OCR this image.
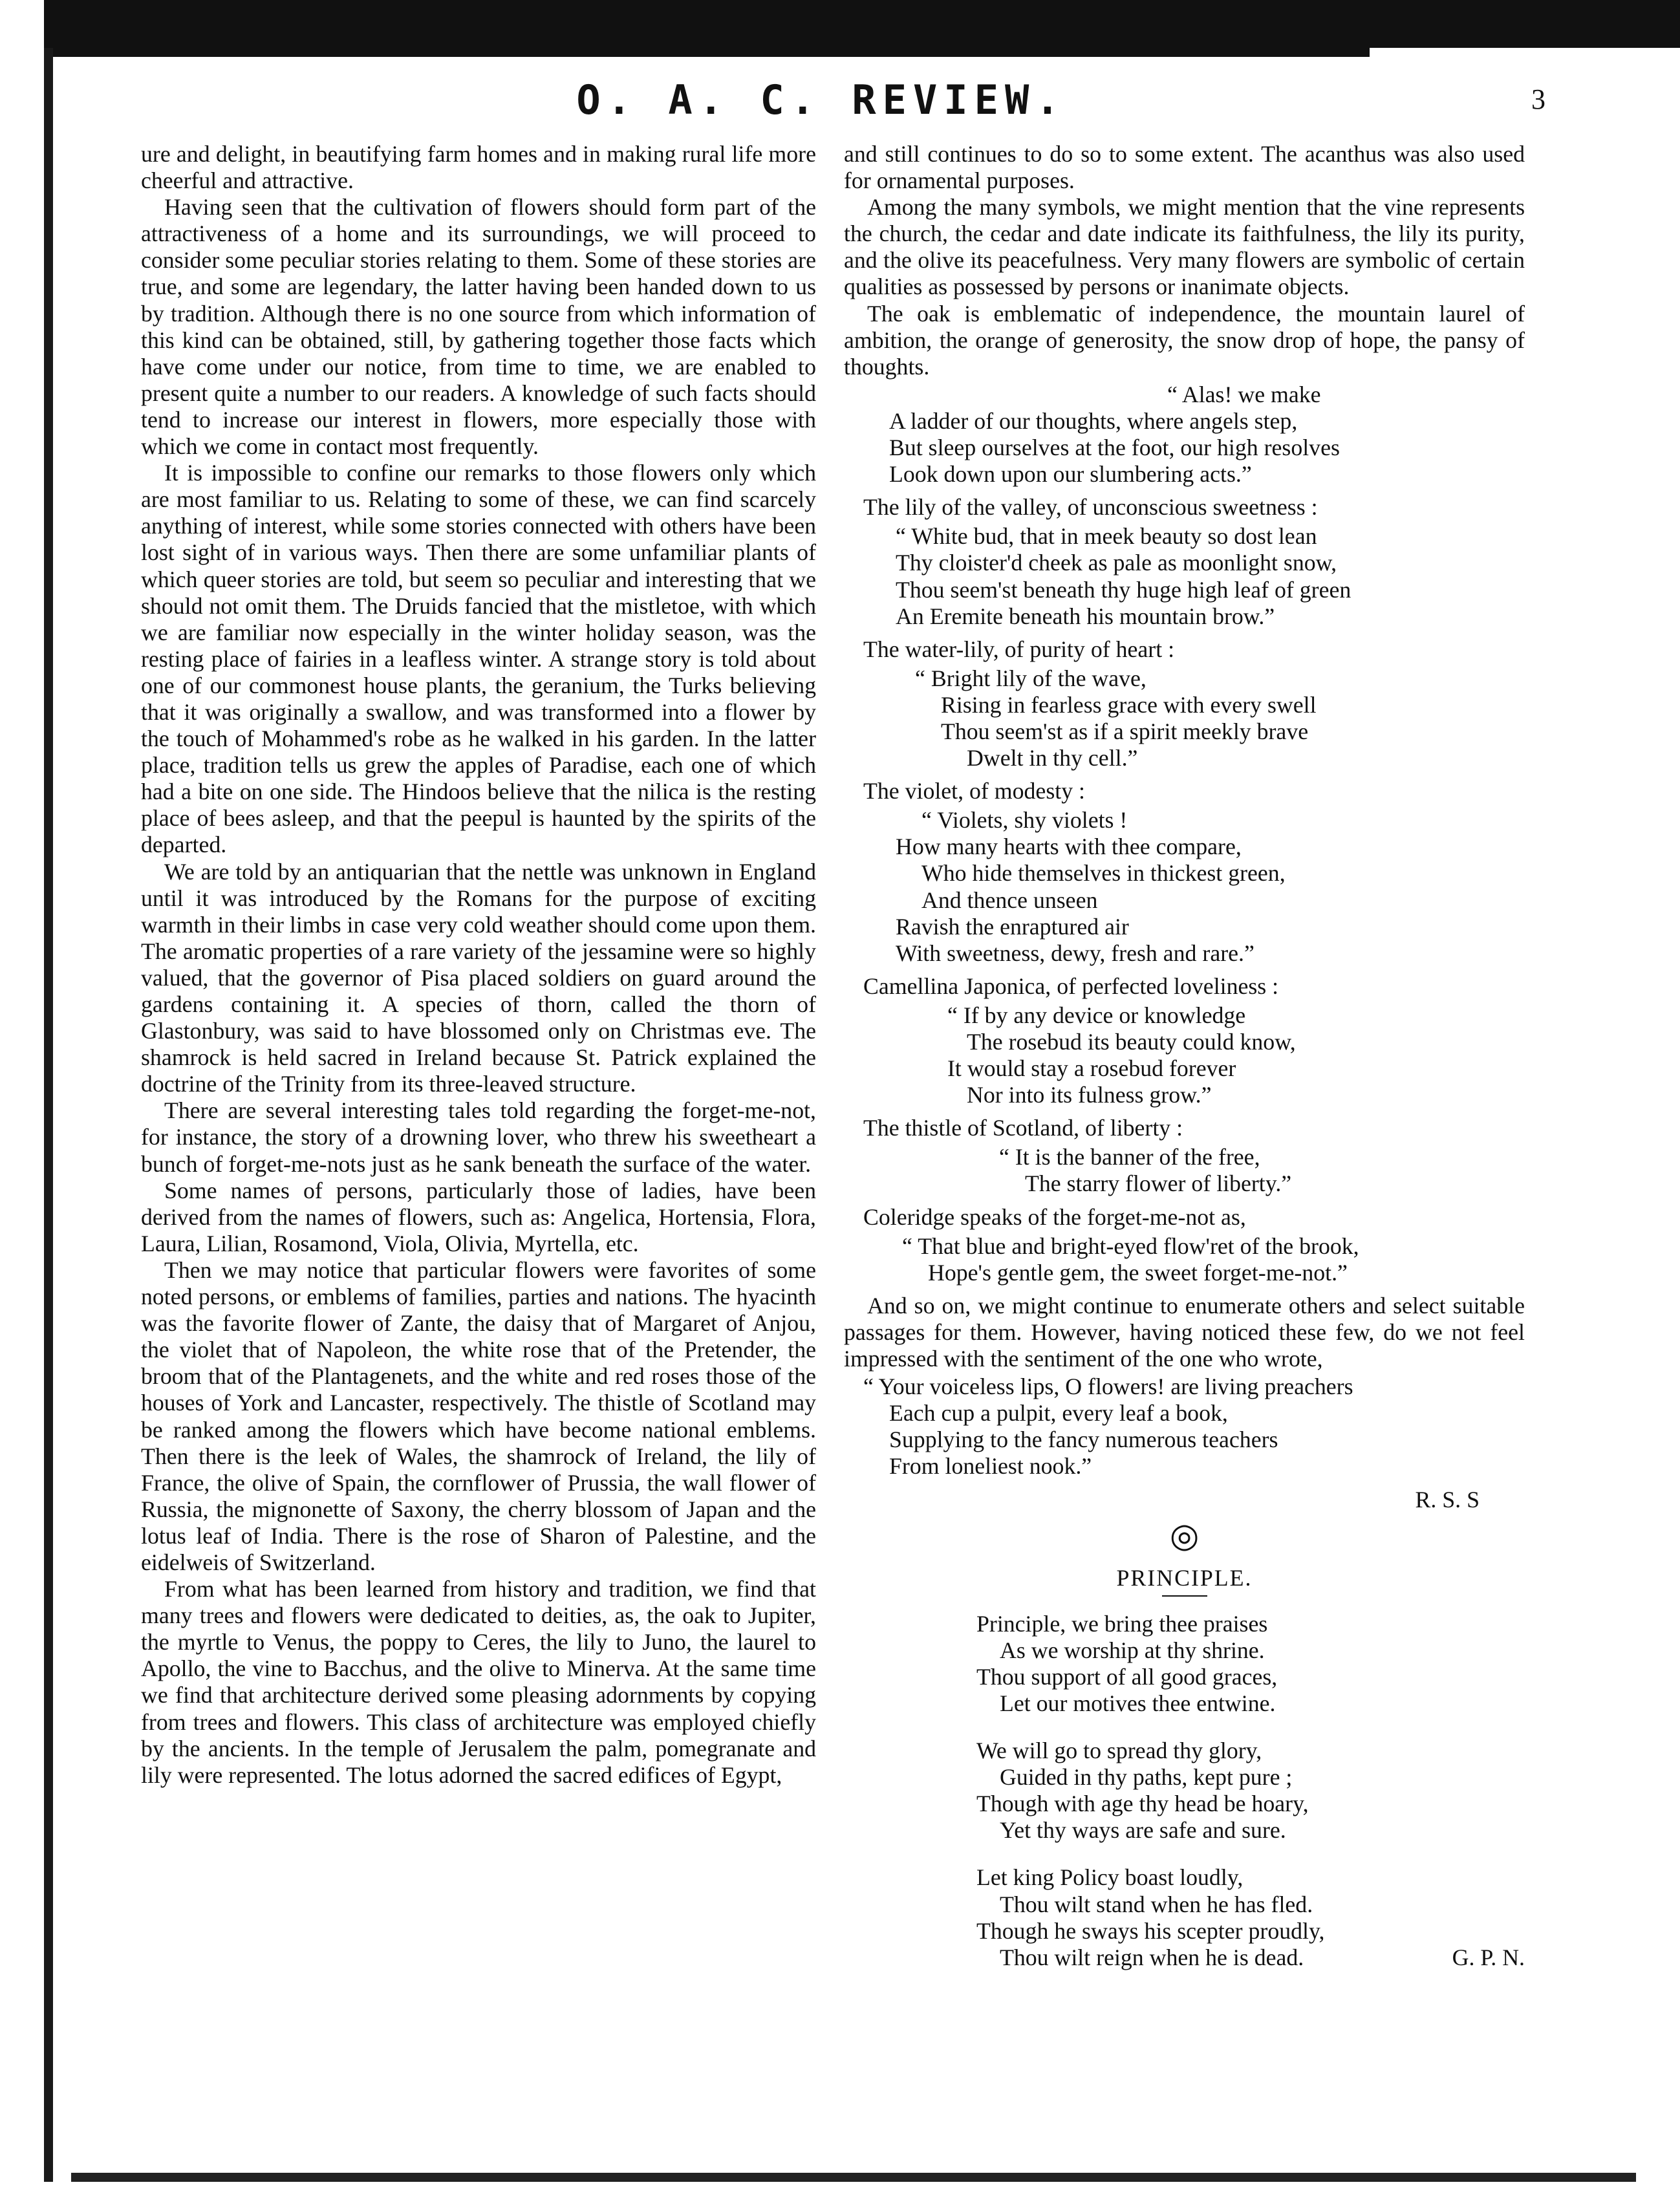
O. A. C. REVIEW.	3

ure and delight, in beautifying farm homes and in making rural life more cheerful and attractive.

Having seen that the cultivation of flowers should form part of the attractiveness of a home and its surroundings, we will proceed to consider some peculiar stories relating to them. Some of these stories are true, and some are legendary, the latter having been handed down to us by tradition. Although there is no one source from which information of this kind can be obtained, still, by gathering together those facts which have come under our notice, from time to time, we are enabled to present quite a number to our readers. A knowledge of such facts should tend to increase our interest in flowers, more especially those with which we come in contact most frequently.

It is impossible to confine our remarks to those flowers only which are most familiar to us. Relating to some of these, we can find scarcely anything of interest, while some stories connected with others have been lost sight of in various ways. Then there are some unfamiliar plants of which queer stories are told, but seem so peculiar and interesting that we should not omit them. The Druids fancied that the mistletoe, with which we are familiar now especially in the winter holiday season, was the resting place of fairies in a leafless winter. A strange story is told about one of our commonest house plants, the geranium, the Turks believing that it was originally a swallow, and was transformed into a flower by the touch of Mohammed's robe as he walked in his garden. In the latter place, tradition tells us grew the apples of Paradise, each one of which had a bite on one side. The Hindoos believe that the nilica is the resting place of bees asleep, and that the peepul is haunted by the spirits of the departed.

We are told by an antiquarian that the nettle was unknown in England until it was introduced by the Romans for the purpose of exciting warmth in their limbs in case very cold weather should come upon them. The aromatic properties of a rare variety of the jessamine were so highly valued, that the governor of Pisa placed soldiers on guard around the gardens containing it. A species of thorn, called the thorn of Glastonbury, was said to have blossomed only on Christmas eve. The shamrock is held sacred in Ireland because St. Patrick explained the doctrine of the Trinity from its three-leaved structure.

There are several interesting tales told regarding the forget-me-not, for instance, the story of a drowning lover, who threw his sweetheart a bunch of forget-me-nots just as he sank beneath the surface of the water.

Some names of persons, particularly those of ladies, have been derived from the names of flowers, such as: Angelica, Hortensia, Flora, Laura, Lilian, Rosamond, Viola, Olivia, Myrtella, etc.

Then we may notice that particular flowers were favorites of some noted persons, or emblems of families, parties and nations. The hyacinth was the favorite flower of Zante, the daisy that of Margaret of Anjou, the violet that of Napoleon, the white rose that of the Pretender, the broom that of the Plantagenets, and the white and red roses those of the houses of York and Lancaster, respectively. The thistle of Scotland may be ranked among the flowers which have become national emblems. Then there is the leek of Wales, the shamrock of Ireland, the lily of France, the olive of Spain, the cornflower of Prussia, the wall flower of Russia, the mignonette of Saxony, the cherry blossom of Japan and the lotus leaf of India. There is the rose of Sharon of Palestine, and the eidelweis of Switzerland.

From what has been learned from history and tradition, we find that many trees and flowers were dedicated to deities, as, the oak to Jupiter, the myrtle to Venus, the poppy to Ceres, the lily to Juno, the laurel to Apollo, the vine to Bacchus, and the olive to Minerva. At the same time we find that architecture derived some pleasing adornments by copying from trees and flowers. This class of architecture was employed chiefly by the ancients. In the temple of Jerusalem the palm, pomegranate and lily were represented. The lotus adorned the sacred edifices of Egypt,

and still continues to do so to some extent. The acanthus was also used for ornamental purposes.

Among the many symbols, we might mention that the vine represents the church, the cedar and date indicate its faithfulness, the lily its purity, and the olive its peacefulness. Very many flowers are symbolic of certain qualities as possessed by persons or inanimate objects.

The oak is emblematic of independence, the mountain laurel of ambition, the orange of generosity, the snow drop of hope, the pansy of thoughts.

“ Alas! we make
A ladder of our thoughts, where angels step,
But sleep ourselves at the foot, our high resolves
Look down upon our slumbering acts.”
The lily of the valley, of unconscious sweetness :
“ White bud, that in meek beauty so dost lean
Thy cloister'd cheek as pale as moonlight snow,
Thou seem'st beneath thy huge high leaf of green
An Eremite beneath his mountain brow.”
The water-lily, of purity of heart :
“ Bright lily of the wave,
Rising in fearless grace with every swell
Thou seem'st as if a spirit meekly brave
Dwelt in thy cell.”
The violet, of modesty :
“ Violets, shy violets !
How many hearts with thee compare,
Who hide themselves in thickest green,
And thence unseen
Ravish the enraptured air
With sweetness, dewy, fresh and rare.”
Camellina Japonica, of perfected loveliness :
“ If by any device or knowledge
The rosebud its beauty could know,
It would stay a rosebud forever
Nor into its fulness grow.”
The thistle of Scotland, of liberty :
“ It is the banner of the free,
The starry flower of liberty.”
Coleridge speaks of the forget-me-not as,
“ That blue and bright-eyed flow'ret of the brook,
Hope's gentle gem, the sweet forget-me-not.”

And so on, we might continue to enumerate others and select suitable passages for them. However, having noticed these few, do we not feel impressed with the sentiment of the one who wrote,

“ Your voiceless lips, O flowers! are living preachers
Each cup a pulpit, every leaf a book,
Supplying to the fancy numerous teachers
From loneliest nook.”
R. S. S
◎
PRINCIPLE.
Principle, we bring thee praises
As we worship at thy shrine.
Thou support of all good graces,
Let our motives thee entwine.
We will go to spread thy glory,
Guided in thy paths, kept pure ;
Though with age thy head be hoary,
Yet thy ways are safe and sure.
Let king Policy boast loudly,
Thou wilt stand when he has fled.
Though he sways his scepter proudly,
Thou wilt reign when he is dead.	G. P. N.
